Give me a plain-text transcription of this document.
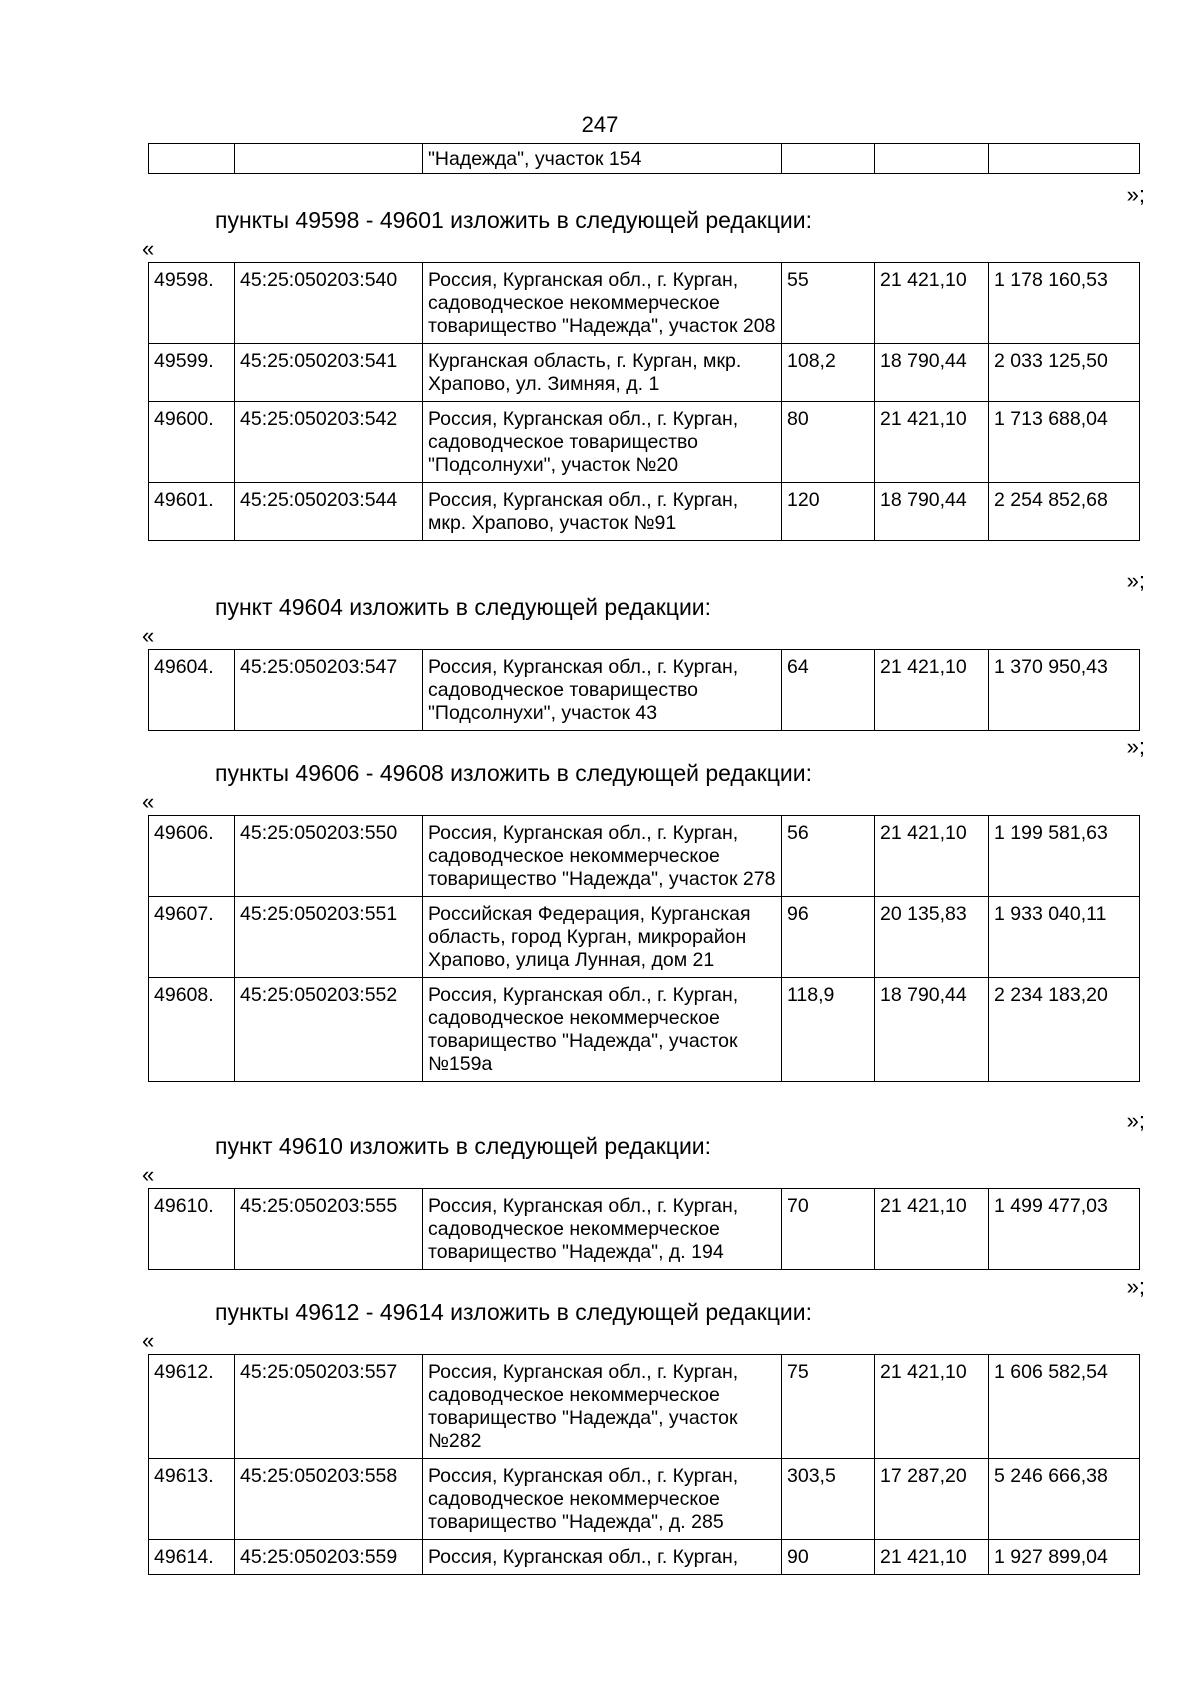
247
		"Надежда", участок 154			
»;
пункты 49598 - 49601 изложить в следующей редакции:
«
49598.	45:25:050203:540	Россия, Курганская обл., г. Курган, садоводческое некоммерческое товарищество "Надежда", участок 208	55	21 421,10	1 178 160,53
49599.	45:25:050203:541	Курганская область, г. Курган, мкр. Храпово, ул. Зимняя, д. 1	108,2	18 790,44	2 033 125,50
49600.	45:25:050203:542	Россия, Курганская обл., г. Курган, садоводческое товарищество "Подсолнухи", участок №20	80	21 421,10	1 713 688,04
49601.	45:25:050203:544	Россия, Курганская обл., г. Курган, мкр. Храпово, участок №91	120	18 790,44	2 254 852,68
»;
пункт 49604 изложить в следующей редакции:
«
49604.	45:25:050203:547	Россия, Курганская обл., г. Курган, садоводческое товарищество "Подсолнухи", участок 43	64	21 421,10	1 370 950,43
»;
пункты 49606 - 49608 изложить в следующей редакции:
«
49606.	45:25:050203:550	Россия, Курганская обл., г. Курган, садоводческое некоммерческое товарищество "Надежда", участок 278	56	21 421,10	1 199 581,63
49607.	45:25:050203:551	Российская Федерация, Курганская область, город Курган, микрорайон Храпово, улица Лунная, дом 21	96	20 135,83	1 933 040,11
49608.	45:25:050203:552	Россия, Курганская обл., г. Курган, садоводческое некоммерческое товарищество "Надежда", участок №159а	118,9	18 790,44	2 234 183,20
»;
пункт 49610 изложить в следующей редакции:
«
49610.	45:25:050203:555	Россия, Курганская обл., г. Курган, садоводческое некоммерческое товарищество "Надежда", д. 194	70	21 421,10	1 499 477,03
»;
пункты 49612 - 49614 изложить в следующей редакции:
«
49612.	45:25:050203:557	Россия, Курганская обл., г. Курган, садоводческое некоммерческое товарищество "Надежда", участок №282	75	21 421,10	1 606 582,54
49613.	45:25:050203:558	Россия, Курганская обл., г. Курган, садоводческое некоммерческое товарищество "Надежда", д. 285	303,5	17 287,20	5 246 666,38
49614.	45:25:050203:559	Россия, Курганская обл., г. Курган,	90	21 421,10	1 927 899,04
